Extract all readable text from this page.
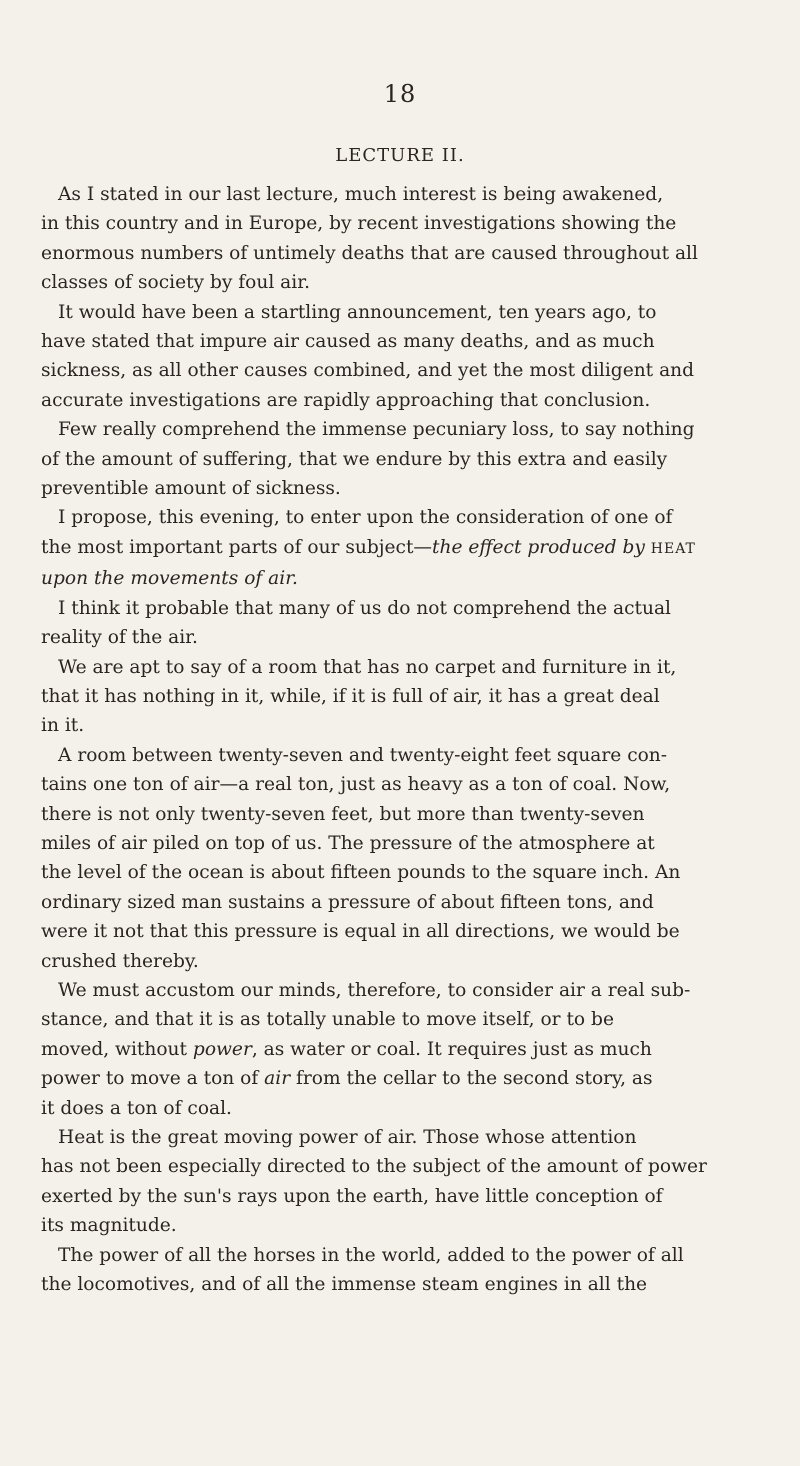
18
LECTURE II.
As I stated in our last lecture, much interest is being awakened,
in this country and in Europe, by recent investigations showing the
enormous numbers of untimely deaths that are caused throughout all
classes of society by foul air.
It would have been a startling announcement, ten years ago, to
have stated that impure air caused as many deaths, and as much
sickness, as all other causes combined, and yet the most diligent and
accurate investigations are rapidly approaching that conclusion.
Few really comprehend the immense pecuniary loss, to say nothing
of the amount of suffering, that we endure by this extra and easily
preventible amount of sickness.
I propose, this evening, to enter upon the consideration of one of
the most important parts of our subject—the effect produced by HEAT
upon the movements of air.
I think it probable that many of us do not comprehend the actual
reality of the air.
We are apt to say of a room that has no carpet and furniture in it,
that it has nothing in it, while, if it is full of air, it has a great deal
in it.
A room between twenty-seven and twenty-eight feet square con-
tains one ton of air—a real ton, just as heavy as a ton of coal. Now,
there is not only twenty-seven feet, but more than twenty-seven
miles of air piled on top of us. The pressure of the atmosphere at
the level of the ocean is about fifteen pounds to the square inch. An
ordinary sized man sustains a pressure of about fifteen tons, and
were it not that this pressure is equal in all directions, we would be
crushed thereby.
We must accustom our minds, therefore, to consider air a real sub-
stance, and that it is as totally unable to move itself, or to be
moved, without power, as water or coal. It requires just as much
power to move a ton of air from the cellar to the second story, as
it does a ton of coal.
Heat is the great moving power of air. Those whose attention
has not been especially directed to the subject of the amount of power
exerted by the sun's rays upon the earth, have little conception of
its magnitude.
The power of all the horses in the world, added to the power of all
the locomotives, and of all the immense steam engines in all the
